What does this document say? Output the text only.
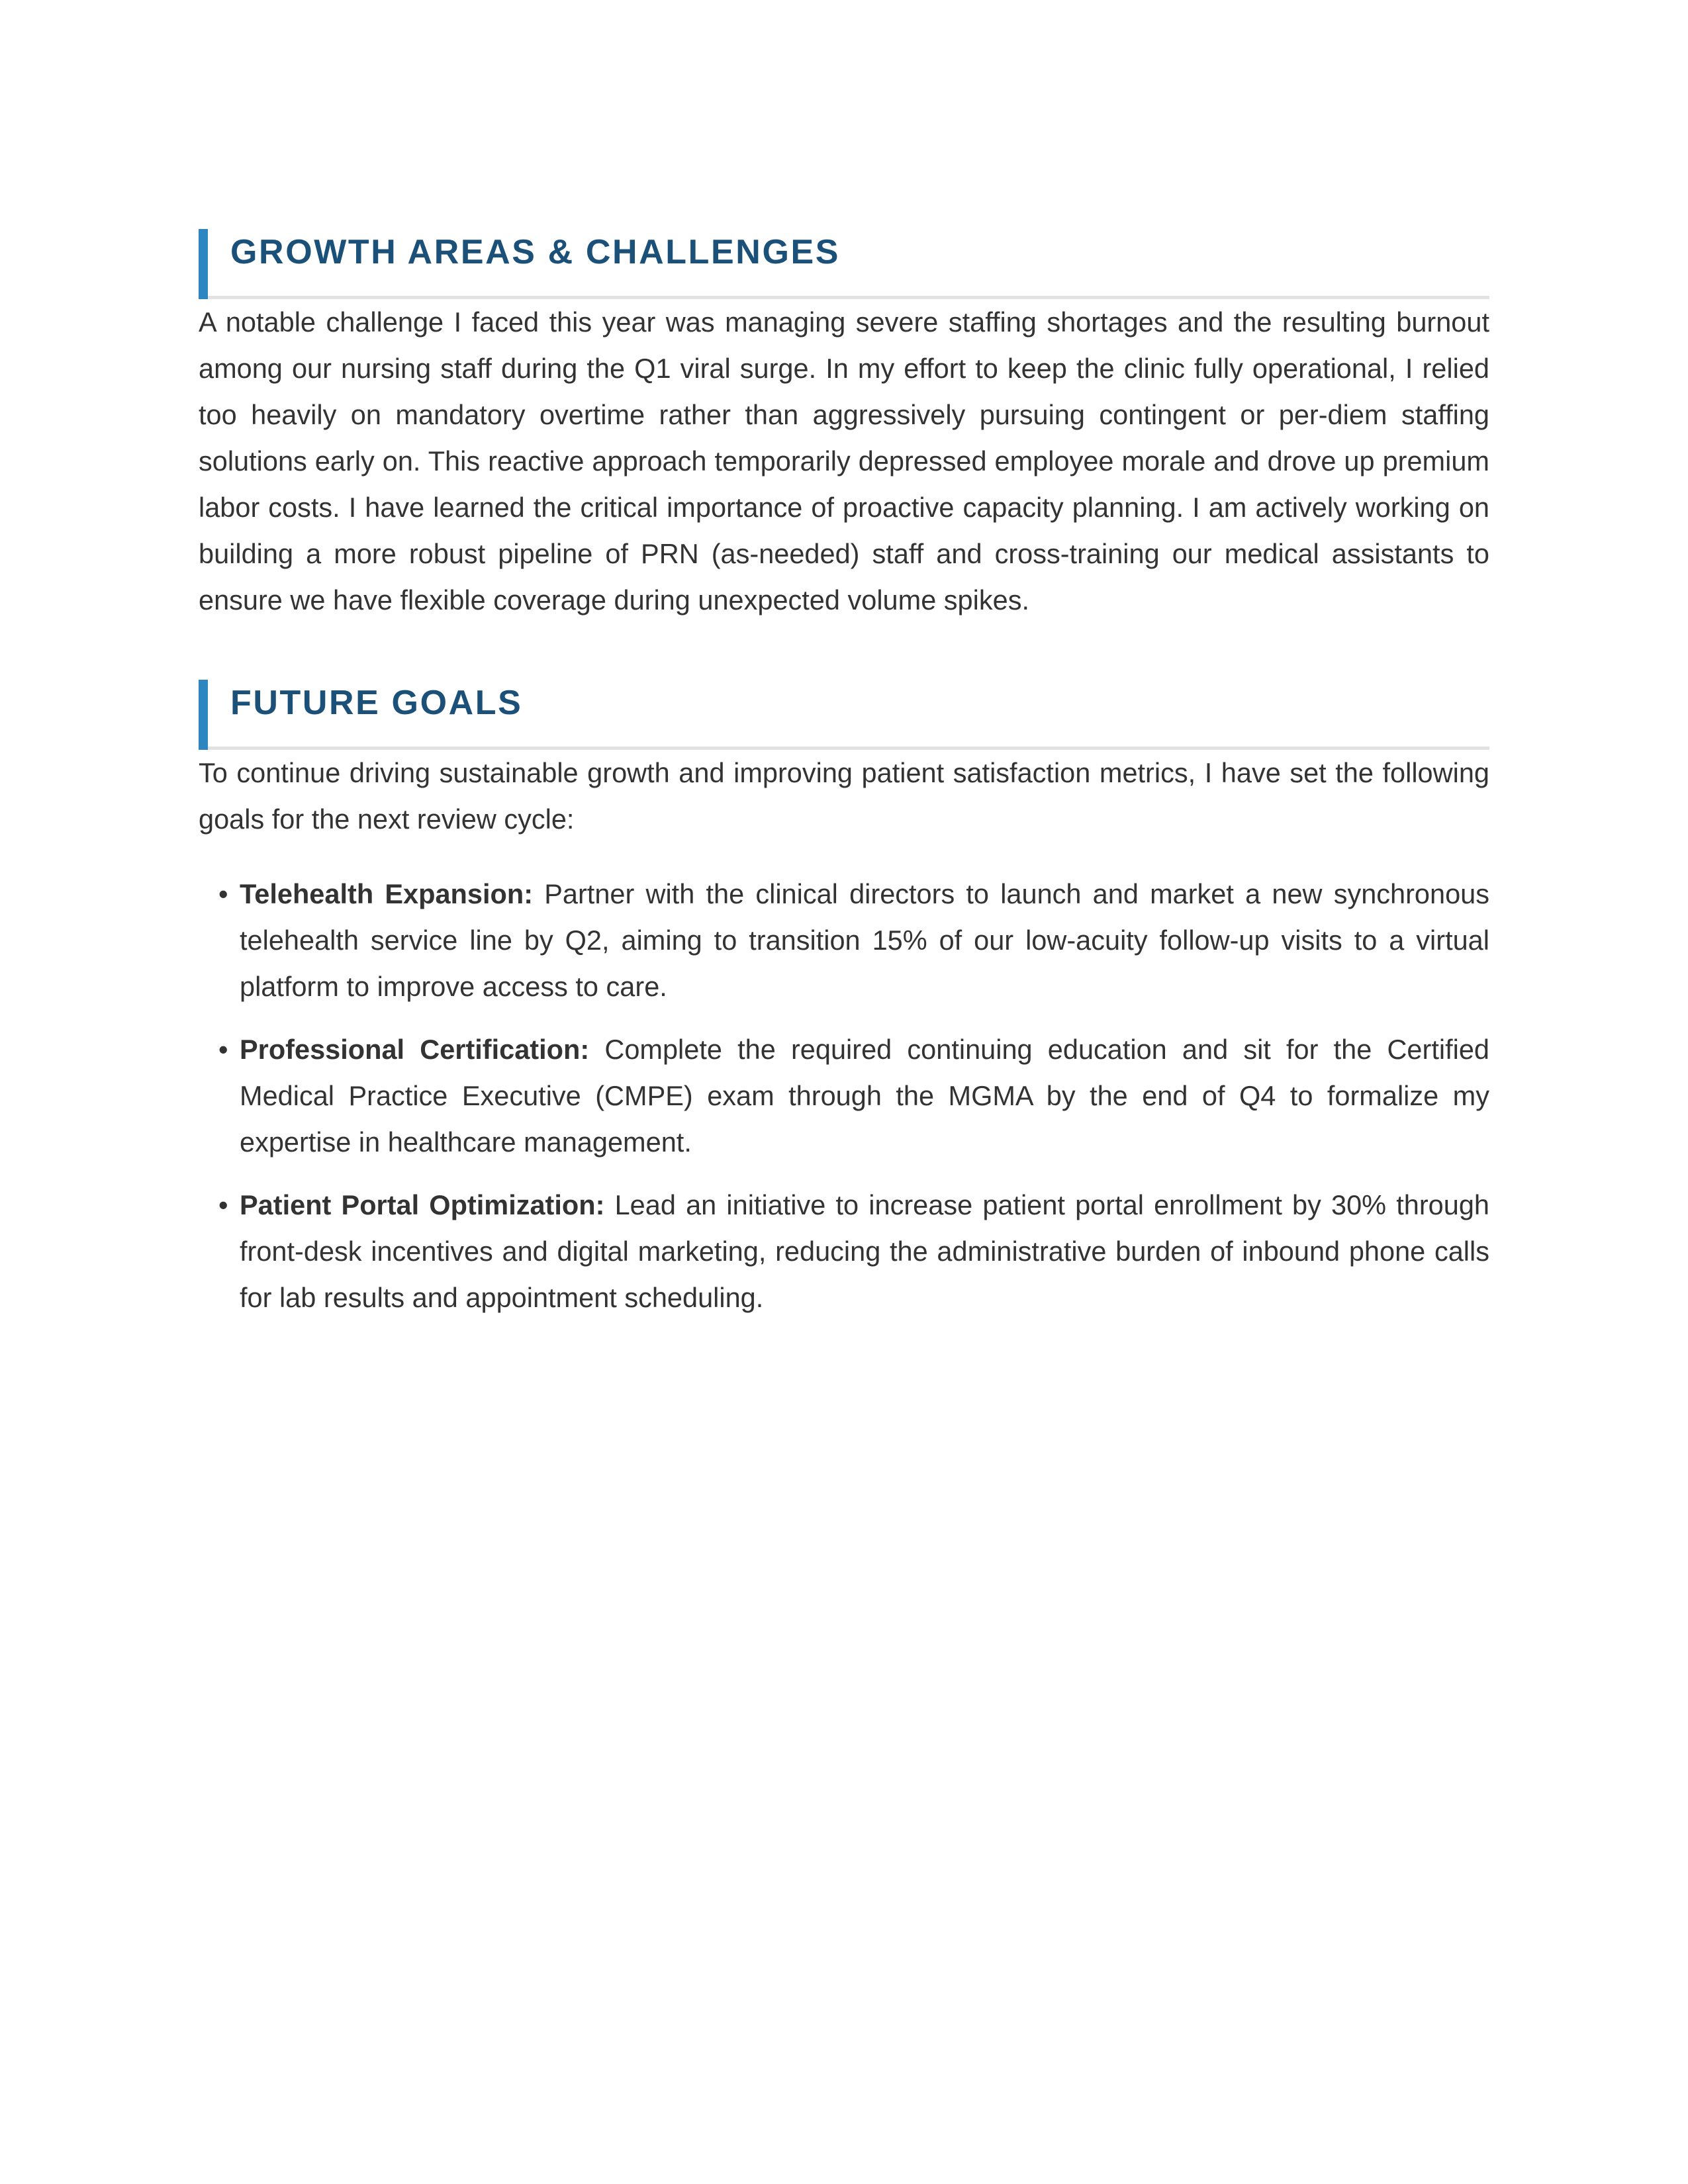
GROWTH AREAS & CHALLENGES

A notable challenge I faced this year was managing severe staffing shortages and the resulting burnout among our nursing staff during the Q1 viral surge. In my effort to keep the clinic fully operational, I relied too heavily on mandatory overtime rather than aggressively pursuing contingent or per-diem staffing solutions early on. This reactive approach temporarily depressed employee morale and drove up premium labor costs. I have learned the critical importance of proactive capacity planning. I am actively working on building a more robust pipeline of PRN (as-needed) staff and cross-training our medical assistants to ensure we have flexible coverage during unexpected volume spikes.

FUTURE GOALS

To continue driving sustainable growth and improving patient satisfaction metrics, I have set the following goals for the next review cycle:

• Telehealth Expansion: Partner with the clinical directors to launch and market a new synchronous telehealth service line by Q2, aiming to transition 15% of our low-acuity follow-up visits to a virtual platform to improve access to care.
• Professional Certification: Complete the required continuing education and sit for the Certified Medical Practice Executive (CMPE) exam through the MGMA by the end of Q4 to formalize my expertise in healthcare management.
• Patient Portal Optimization: Lead an initiative to increase patient portal enrollment by 30% through front-desk incentives and digital marketing, reducing the administrative burden of inbound phone calls for lab results and appointment scheduling.
